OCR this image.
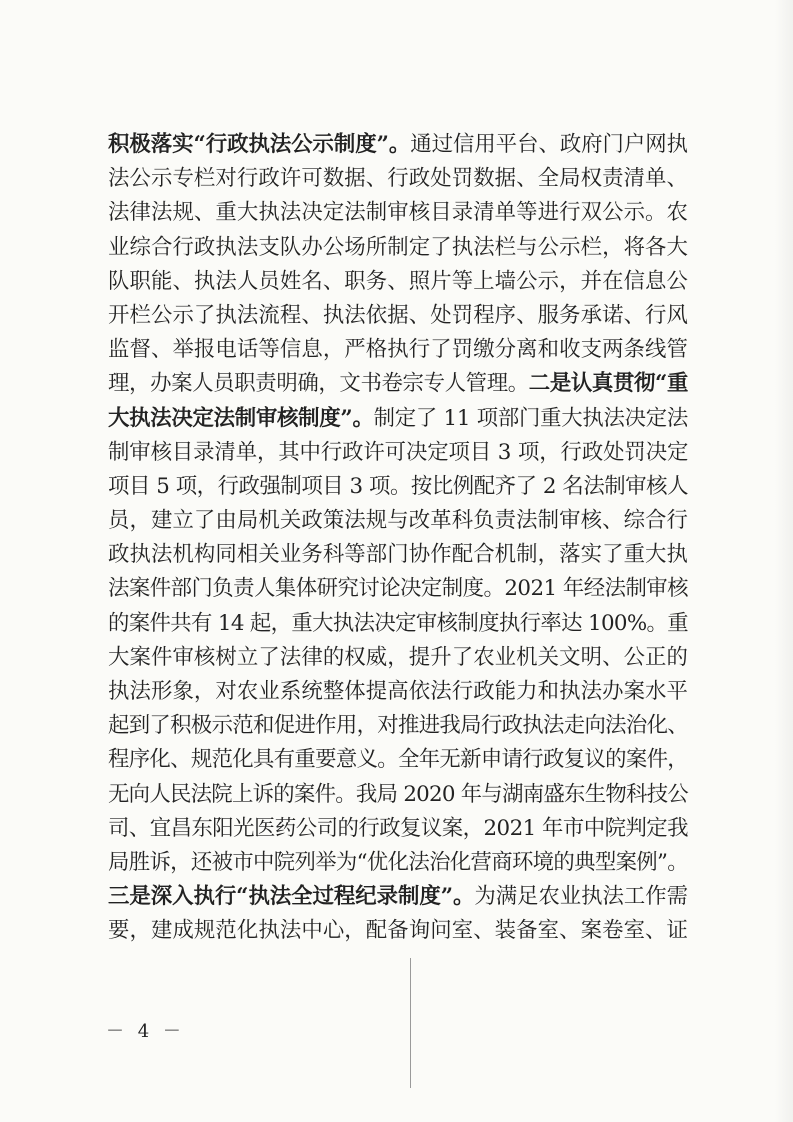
积极落实“行政执法公示制度”。通过信用平台、政府门户网执
法公示专栏对行政许可数据、行政处罚数据、全局权责清单、
法律法规、重大执法决定法制审核目录清单等进行双公示。农
业综合行政执法支队办公场所制定了执法栏与公示栏，将各大
队职能、执法人员姓名、职务、照片等上墙公示，并在信息公
开栏公示了执法流程、执法依据、处罚程序、服务承诺、行风
监督、举报电话等信息，严格执行了罚缴分离和收支两条线管
理，办案人员职责明确，文书卷宗专人管理。二是认真贯彻“重
大执法决定法制审核制度”。制定了 11 项部门重大执法决定法
制审核目录清单，其中行政许可决定项目 3 项，行政处罚决定
项目 5 项，行政强制项目 3 项。按比例配齐了 2 名法制审核人
员，建立了由局机关政策法规与改革科负责法制审核、综合行
政执法机构同相关业务科等部门协作配合机制，落实了重大执
法案件部门负责人集体研究讨论决定制度。2021 年经法制审核
的案件共有 14 起，重大执法决定审核制度执行率达 100%。重
大案件审核树立了法律的权威，提升了农业机关文明、公正的
执法形象，对农业系统整体提高依法行政能力和执法办案水平
起到了积极示范和促进作用，对推进我局行政执法走向法治化、
程序化、规范化具有重要意义。全年无新申请行政复议的案件，
无向人民法院上诉的案件。我局 2020 年与湖南盛东生物科技公
司、宜昌东阳光医药公司的行政复议案，2021 年市中院判定我
局胜诉，还被市中院列举为“优化法治化营商环境的典型案例”。
三是深入执行“执法全过程纪录制度”。为满足农业执法工作需
要，建成规范化执法中心，配备询问室、装备室、案卷室、证
－ 4 －
